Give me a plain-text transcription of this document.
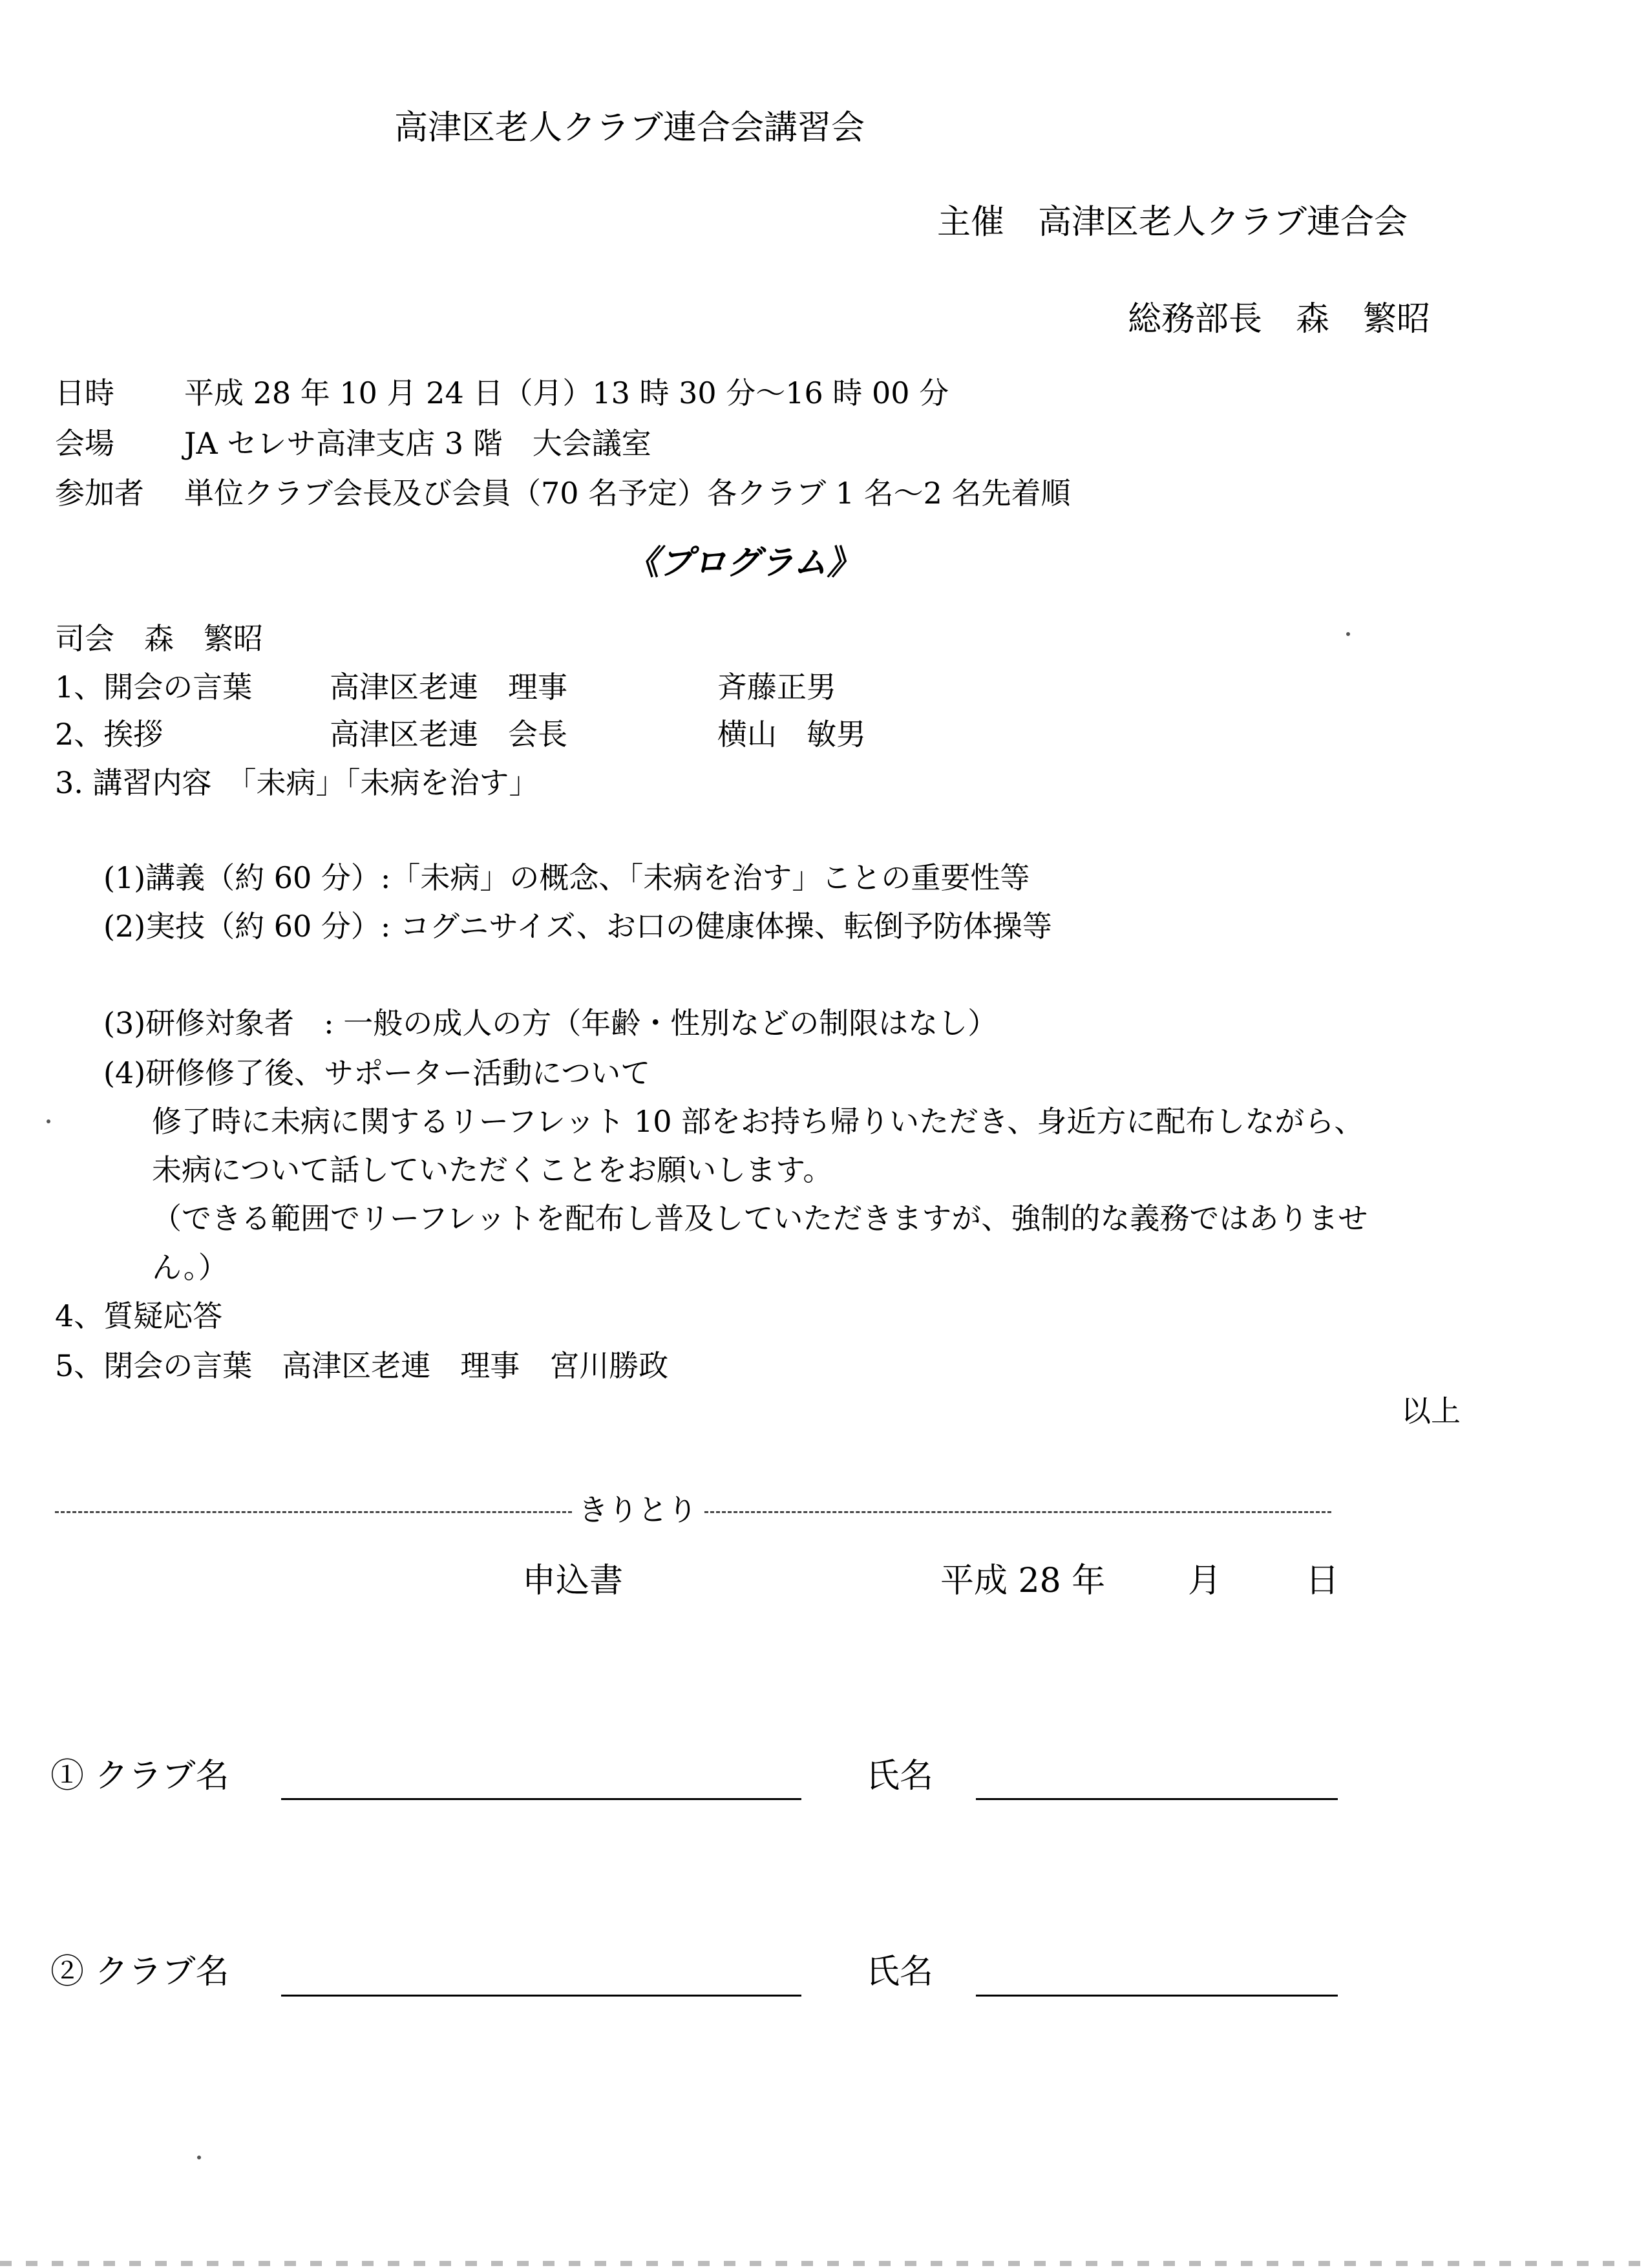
高津区老人クラブ連合会講習会
主催　高津区老人クラブ連合会
総務部長　森　繁昭
日時 平成 28 年 10 月 24 日（月）13 時 30 分〜16 時 00 分
会場 JA セレサ高津支店 3 階　大会議室
参加者 単位クラブ会長及び会員（70 名予定）各クラブ 1 名〜2 名先着順
《プログラム》
司会　森　繁昭
1、開会の言葉	高津区老連　理事	斉藤正男
2、挨拶	高津区老連　会長	横山　敏男
3. 講習内容　「未病」「未病を治す」
(1)講義（約 60 分）:「未病」の概念、「未病を治す」ことの重要性等
(2)実技（約 60 分）: コグニサイズ、お口の健康体操、転倒予防体操等
(3)研修対象者　: 一般の成人の方（年齢・性別などの制限はなし）
(4)研修修了後、サポーター活動について
修了時に未病に関するリーフレット 10 部をお持ち帰りいただき、身近方に配布しながら、
未病について話していただくことをお願いします。
（できる範囲でリーフレットを配布し普及していただきますが、強制的な義務ではありませ
ん。）
4、質疑応答
5、閉会の言葉　高津区老連　理事　宮川勝政
以上
きりとり
申込書	平成 28 年 月 日
① クラブ名	氏名
② クラブ名	氏名
